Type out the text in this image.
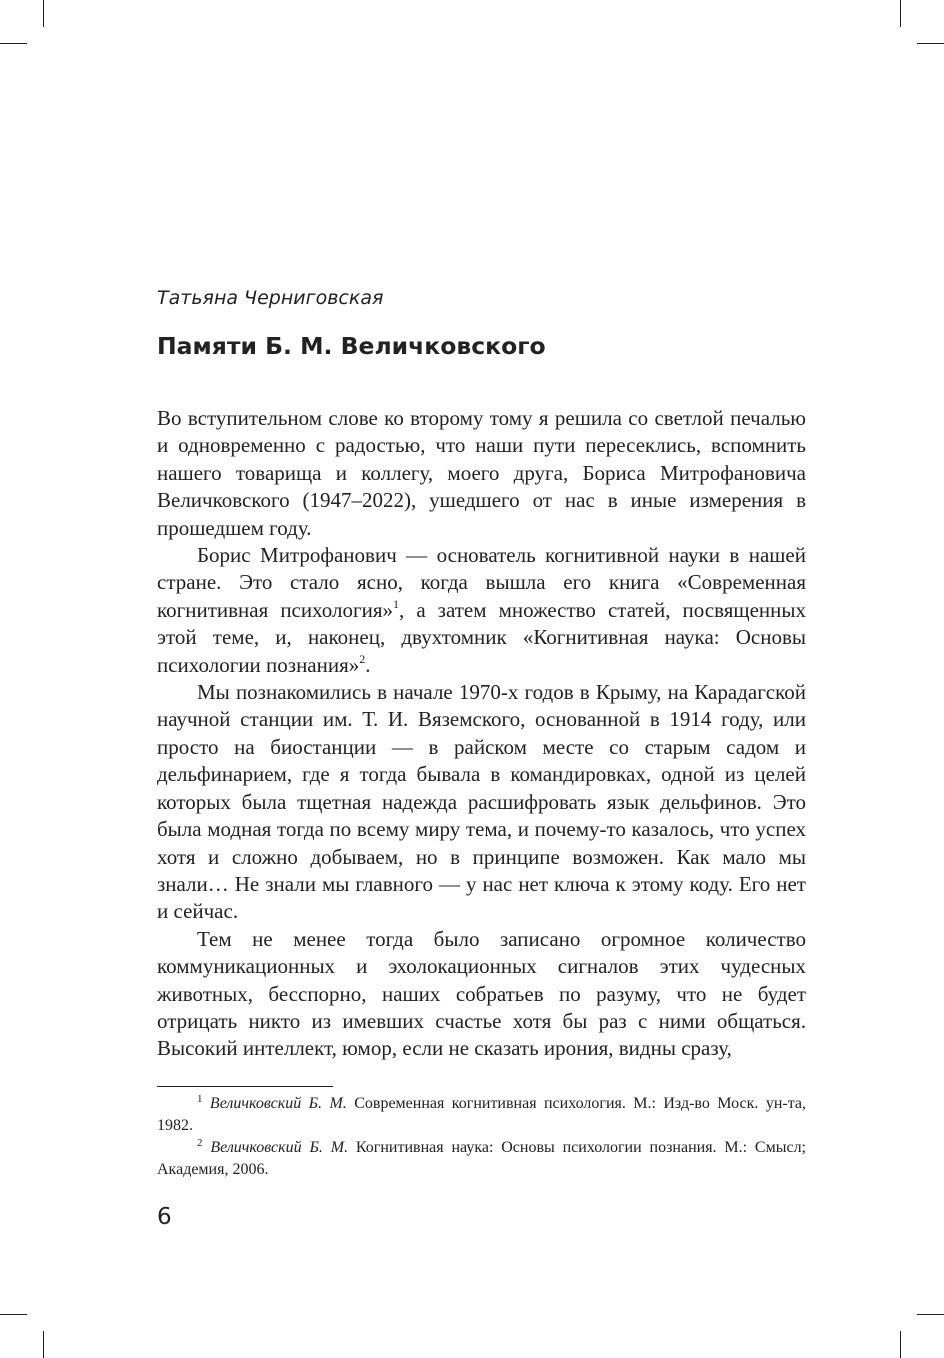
Татьяна Черниговская

Памяти Б. М. Величковского

Во вступительном слове ко второму тому я решила со светлой печалью и одновременно с радостью, что наши пути пересеклись, вспомнить нашего товарища и коллегу, моего друга, Бориса Митрофановича Величковского (1947–2022), ушедшего от нас в иные измерения в прошедшем году.

Борис Митрофанович — основатель когнитивной науки в нашей стране. Это стало ясно, когда вышла его книга «Современная когнитивная психология»$^1$, а затем множество статей, посвященных этой теме, и, наконец, двухтомник «Когнитивная наука: Основы психологии познания»$^2$.

Мы познакомились в начале 1970-х годов в Крыму, на Карадагской научной станции им. Т. И. Вяземского, основанной в 1914 году, или просто на биостанции — в райском месте со старым садом и дельфинарием, где я тогда бывала в командировках, одной из целей которых была тщетная надежда расшифровать язык дельфинов. Это была модная тогда по всему миру тема, и почему-то казалось, что успех хотя и сложно добываем, но в принципе возможен. Как мало мы знали… Не знали мы главного — у нас нет ключа к этому коду. Его нет и сейчас.

Тем не менее тогда было записано огромное количество коммуникационных и эхолокационных сигналов этих чудесных животных, бесспорно, наших собратьев по разуму, что не будет отрицать никто из имевших счастье хотя бы раз с ними общаться. Высокий интеллект, юмор, если не сказать ирония, видны сразу,

$^1$ Величковский Б. М. Современная когнитивная психология. М.: Изд-во Моск. ун-та, 1982.

$^2$ Величковский Б. М. Когнитивная наука: Основы психологии познания. М.: Смысл; Академия, 2006.

6
